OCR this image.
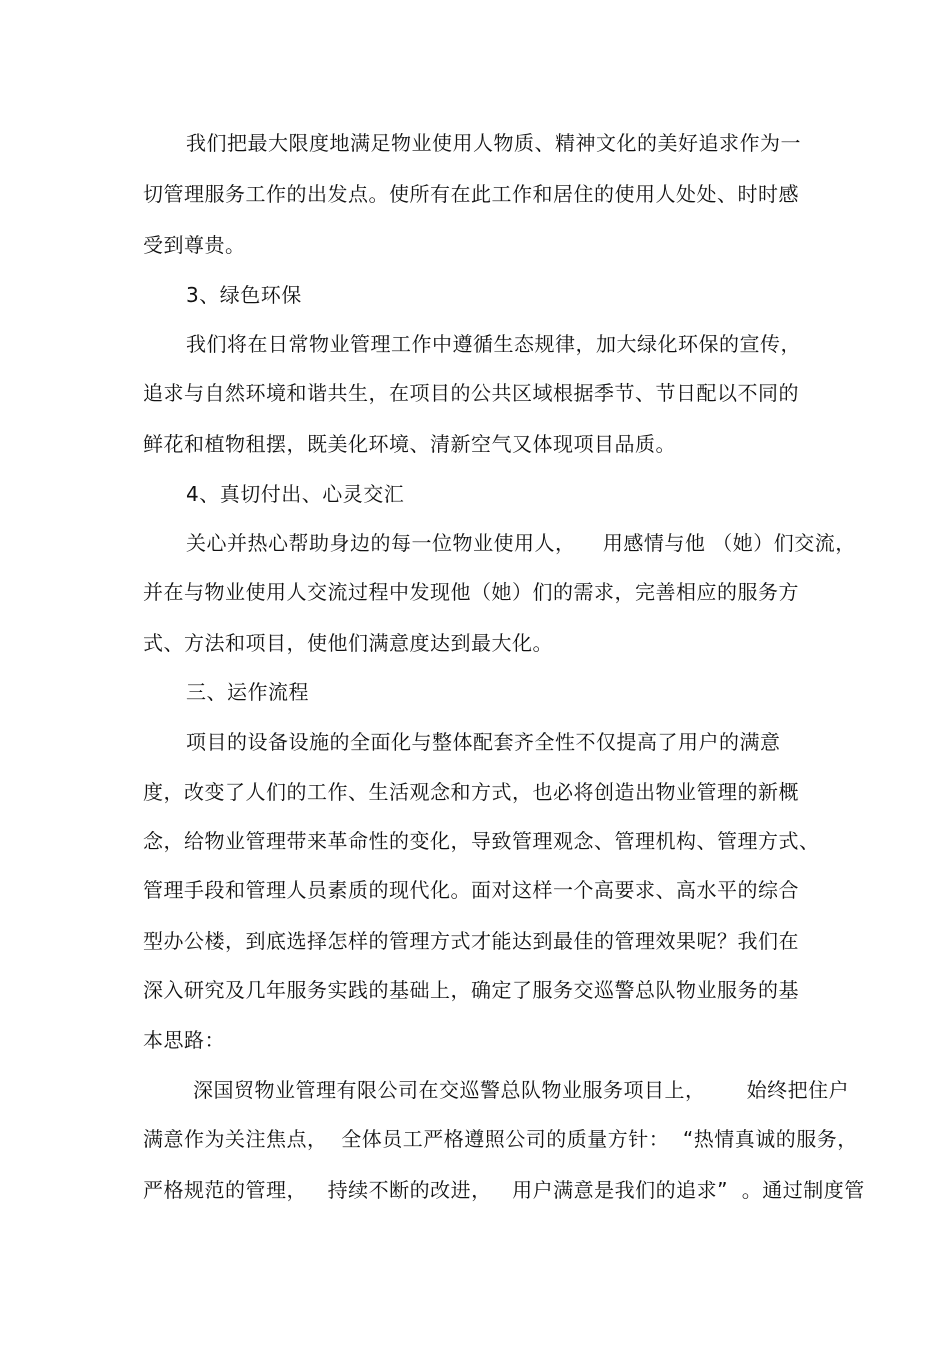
我们把最大限度地满足物业使用人物质、精神文化的美好追求作为一
切管理服务工作的出发点。使所有在此工作和居住的使用人处处、时时感
受到尊贵。
3、绿色环保
我们将在日常物业管理工作中遵循生态规律，加大绿化环保的宣传，
追求与自然环境和谐共生，在项目的公共区域根据季节、节日配以不同的
鲜花和植物租摆，既美化环境、清新空气又体现项目品质。
4、真切付出、心灵交汇
关心并热心帮助身边的每一位物业使用人，    用感情与他 （她）们交流，
并在与物业使用人交流过程中发现他（她）们的需求，完善相应的服务方
式、方法和项目，使他们满意度达到最大化。
三、运作流程
项目的设备设施的全面化与整体配套齐全性不仅提高了用户的满意
度，改变了人们的工作、生活观念和方式，也必将创造出物业管理的新概
念，给物业管理带来革命性的变化，导致管理观念、管理机构、管理方式、
管理手段和管理人员素质的现代化。面对这样一个高要求、高水平的综合
型办公楼，到底选择怎样的管理方式才能达到最佳的管理效果呢？我们在
深入研究及几年服务实践的基础上，确定了服务交巡警总队物业服务的基
本思路：
深国贸物业管理有限公司在交巡警总队物业服务项目上，      始终把住户
满意作为关注焦点，  全体员工严格遵照公司的质量方针：  “热情真诚的服务，
严格规范的管理，   持续不断的改进，   用户满意是我们的追求”  。通过制度管
